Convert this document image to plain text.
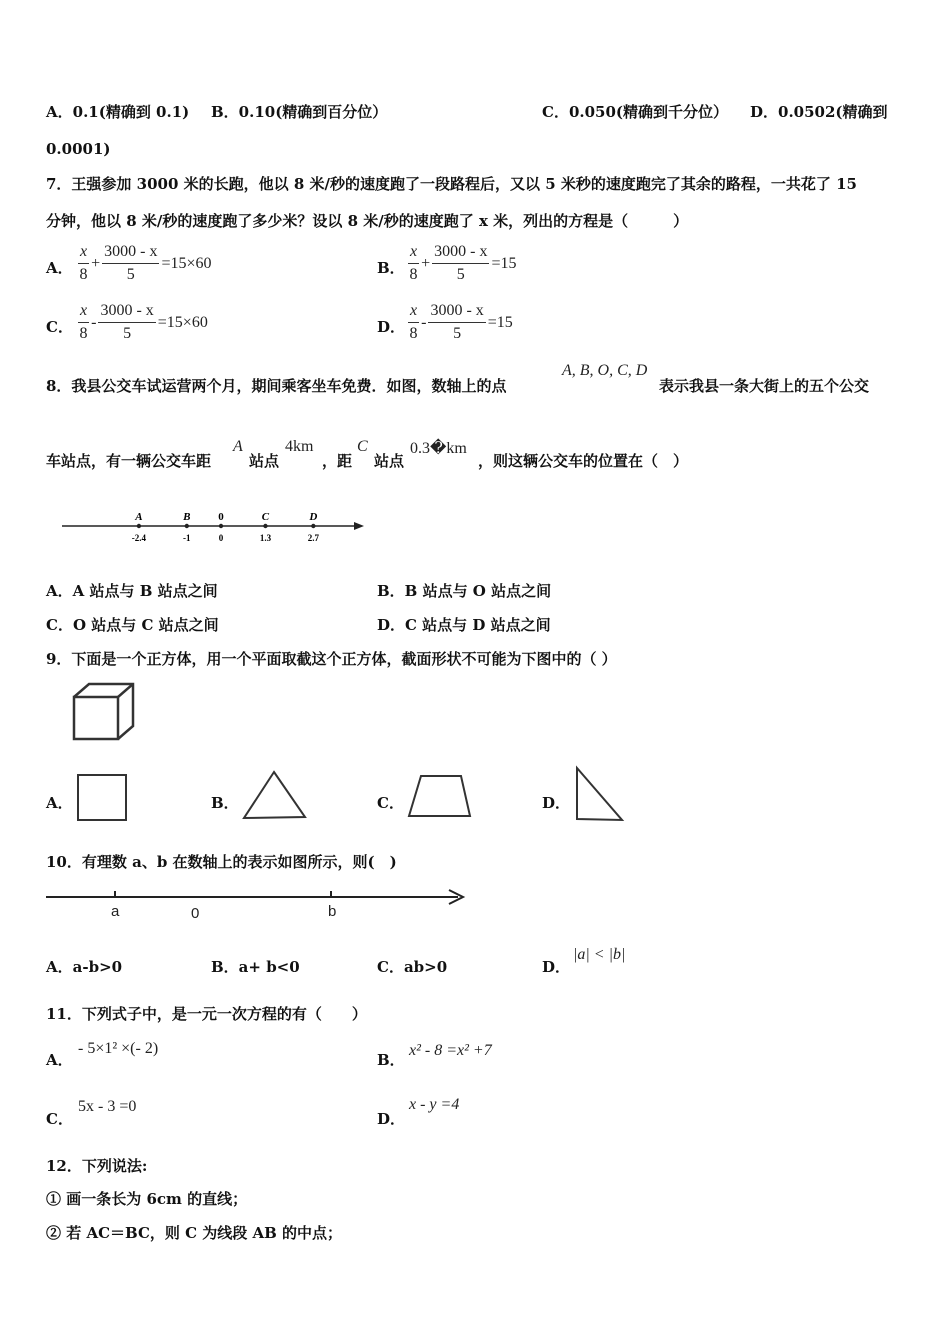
A．0.1(精确到 0.1) B．0.10(精确到百分位）	C．0.050(精确到千分位） D．0.0502(精确到
0.0001)
7．王强参加 3000 米的长跑，他以 8 米/秒的速度跑了一段路程后，又以 5 米秒的速度跑完了其余的路程，一共花了 15
分钟，他以 8 米/秒的速度跑了多少米？设以 8 米/秒的速度跑了 x 米，列出的方程是（　　　）
A． $\frac{x}{8} + \frac{3000 - x}{5} =15\times 60$	B． $\frac{x}{8} + \frac{3000 - x}{5} =15$
C． $\frac{x}{8} - \frac{3000 - x}{5} =15\times 60$	D． $\frac{x}{8} - \frac{3000 - x}{5} =15$
8．我县公交车试运营两个月，期间乘客坐车免费．如图，数轴上的点
A, B, O, C, D
表示我县一条大街上的五个公交
车站点，有一辆公交车距
A
站点
4km
，距
C
站点
0.3�km
，则这辆公交车的位置在（　）
A
-2.4
B
-1
0
0
C
1.3
D
2.7
A．A 站点与 B 站点之间	B．B 站点与 O 站点之间
C．O 站点与 C 站点之间	D．C 站点与 D 站点之间
9．下面是一个正方体，用一个平面取截这个正方体，截面形状不可能为下图中的（ ）
A．	B．	C．	D．
10．有理数 a、b 在数轴上的表示如图所示，则(　)
a	0	b
A．a-b>0	B．a+ b<0	C．ab>0	D．
|a| < |b|
11．下列式子中，是一元一次方程的有（　　）
A．
- 5×1² ×(- 2)
B．
x² - 8 =x² +7
C．
5x - 3 =0
D．
x - y =4
12．下列说法:
① 画一条长为 6cm 的直线；
② 若 AC＝BC，则 C 为线段 AB 的中点；
